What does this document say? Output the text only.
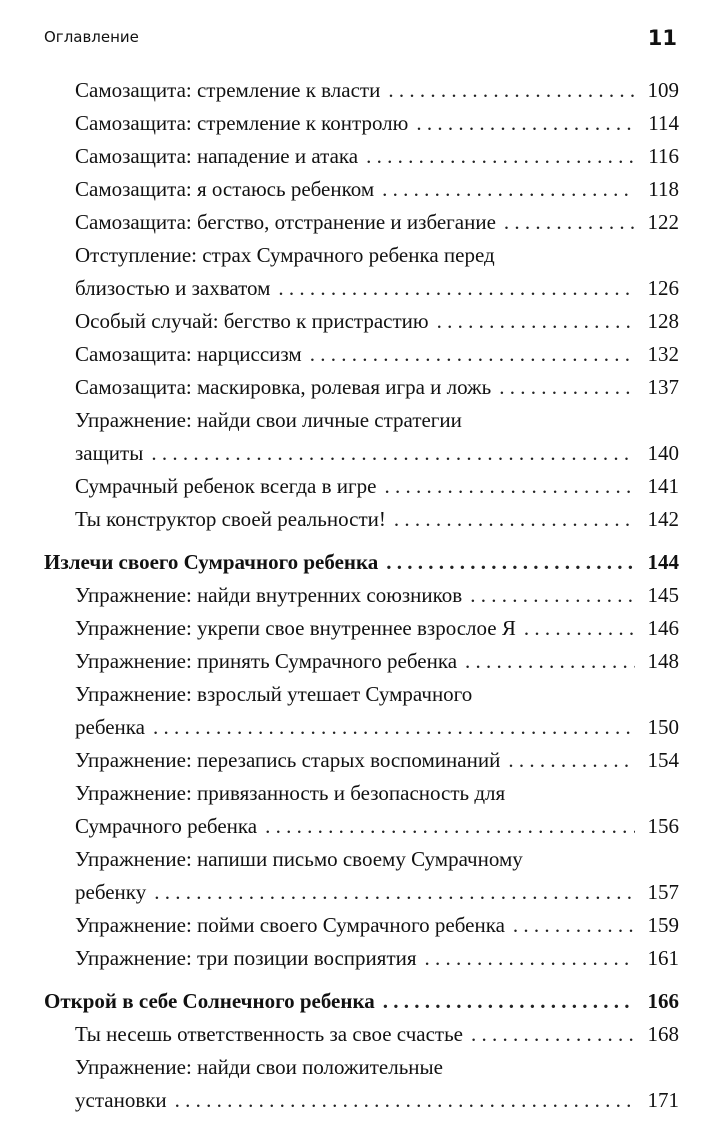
Оглавление	11
Самозащита: стремление к власти . . .	109
Самозащита: стремление к контролю . . .	114
Самозащита: нападение и атака . . .	116
Самозащита: я остаюсь ребенком . . .	118
Самозащита: бегство, отстранение и избегание . . .	122
Отступление: страх Сумрачного ребенка перед
близостью и захватом . . .	126
Особый случай: бегство к пристрастию . . .	128
Самозащита: нарциссизм . . .	132
Самозащита: маскировка, ролевая игра и ложь . . .	137
Упражнение: найди свои личные стратегии
защиты . . .	140
Сумрачный ребенок всегда в игре . . .	141
Ты конструктор своей реальности! . . .	142
Излечи своего Сумрачного ребенка . . .	144
Упражнение: найди внутренних союзников . . .	145
Упражнение: укрепи свое внутреннее взрослое Я . . .	146
Упражнение: принять Сумрачного ребенка . . .	148
Упражнение: взрослый утешает Сумрачного
ребенка . . .	150
Упражнение: перезапись старых воспоминаний . . .	154
Упражнение: привязанность и безопасность для
Сумрачного ребенка . . .	156
Упражнение: напиши письмо своему Сумрачному
ребенку . . .	157
Упражнение: пойми своего Сумрачного ребенка . . .	159
Упражнение: три позиции восприятия . . .	161
Открой в себе Солнечного ребенка . . .	166
Ты несешь ответственность за свое счастье . . .	168
Упражнение: найди свои положительные
установки . . .	171
